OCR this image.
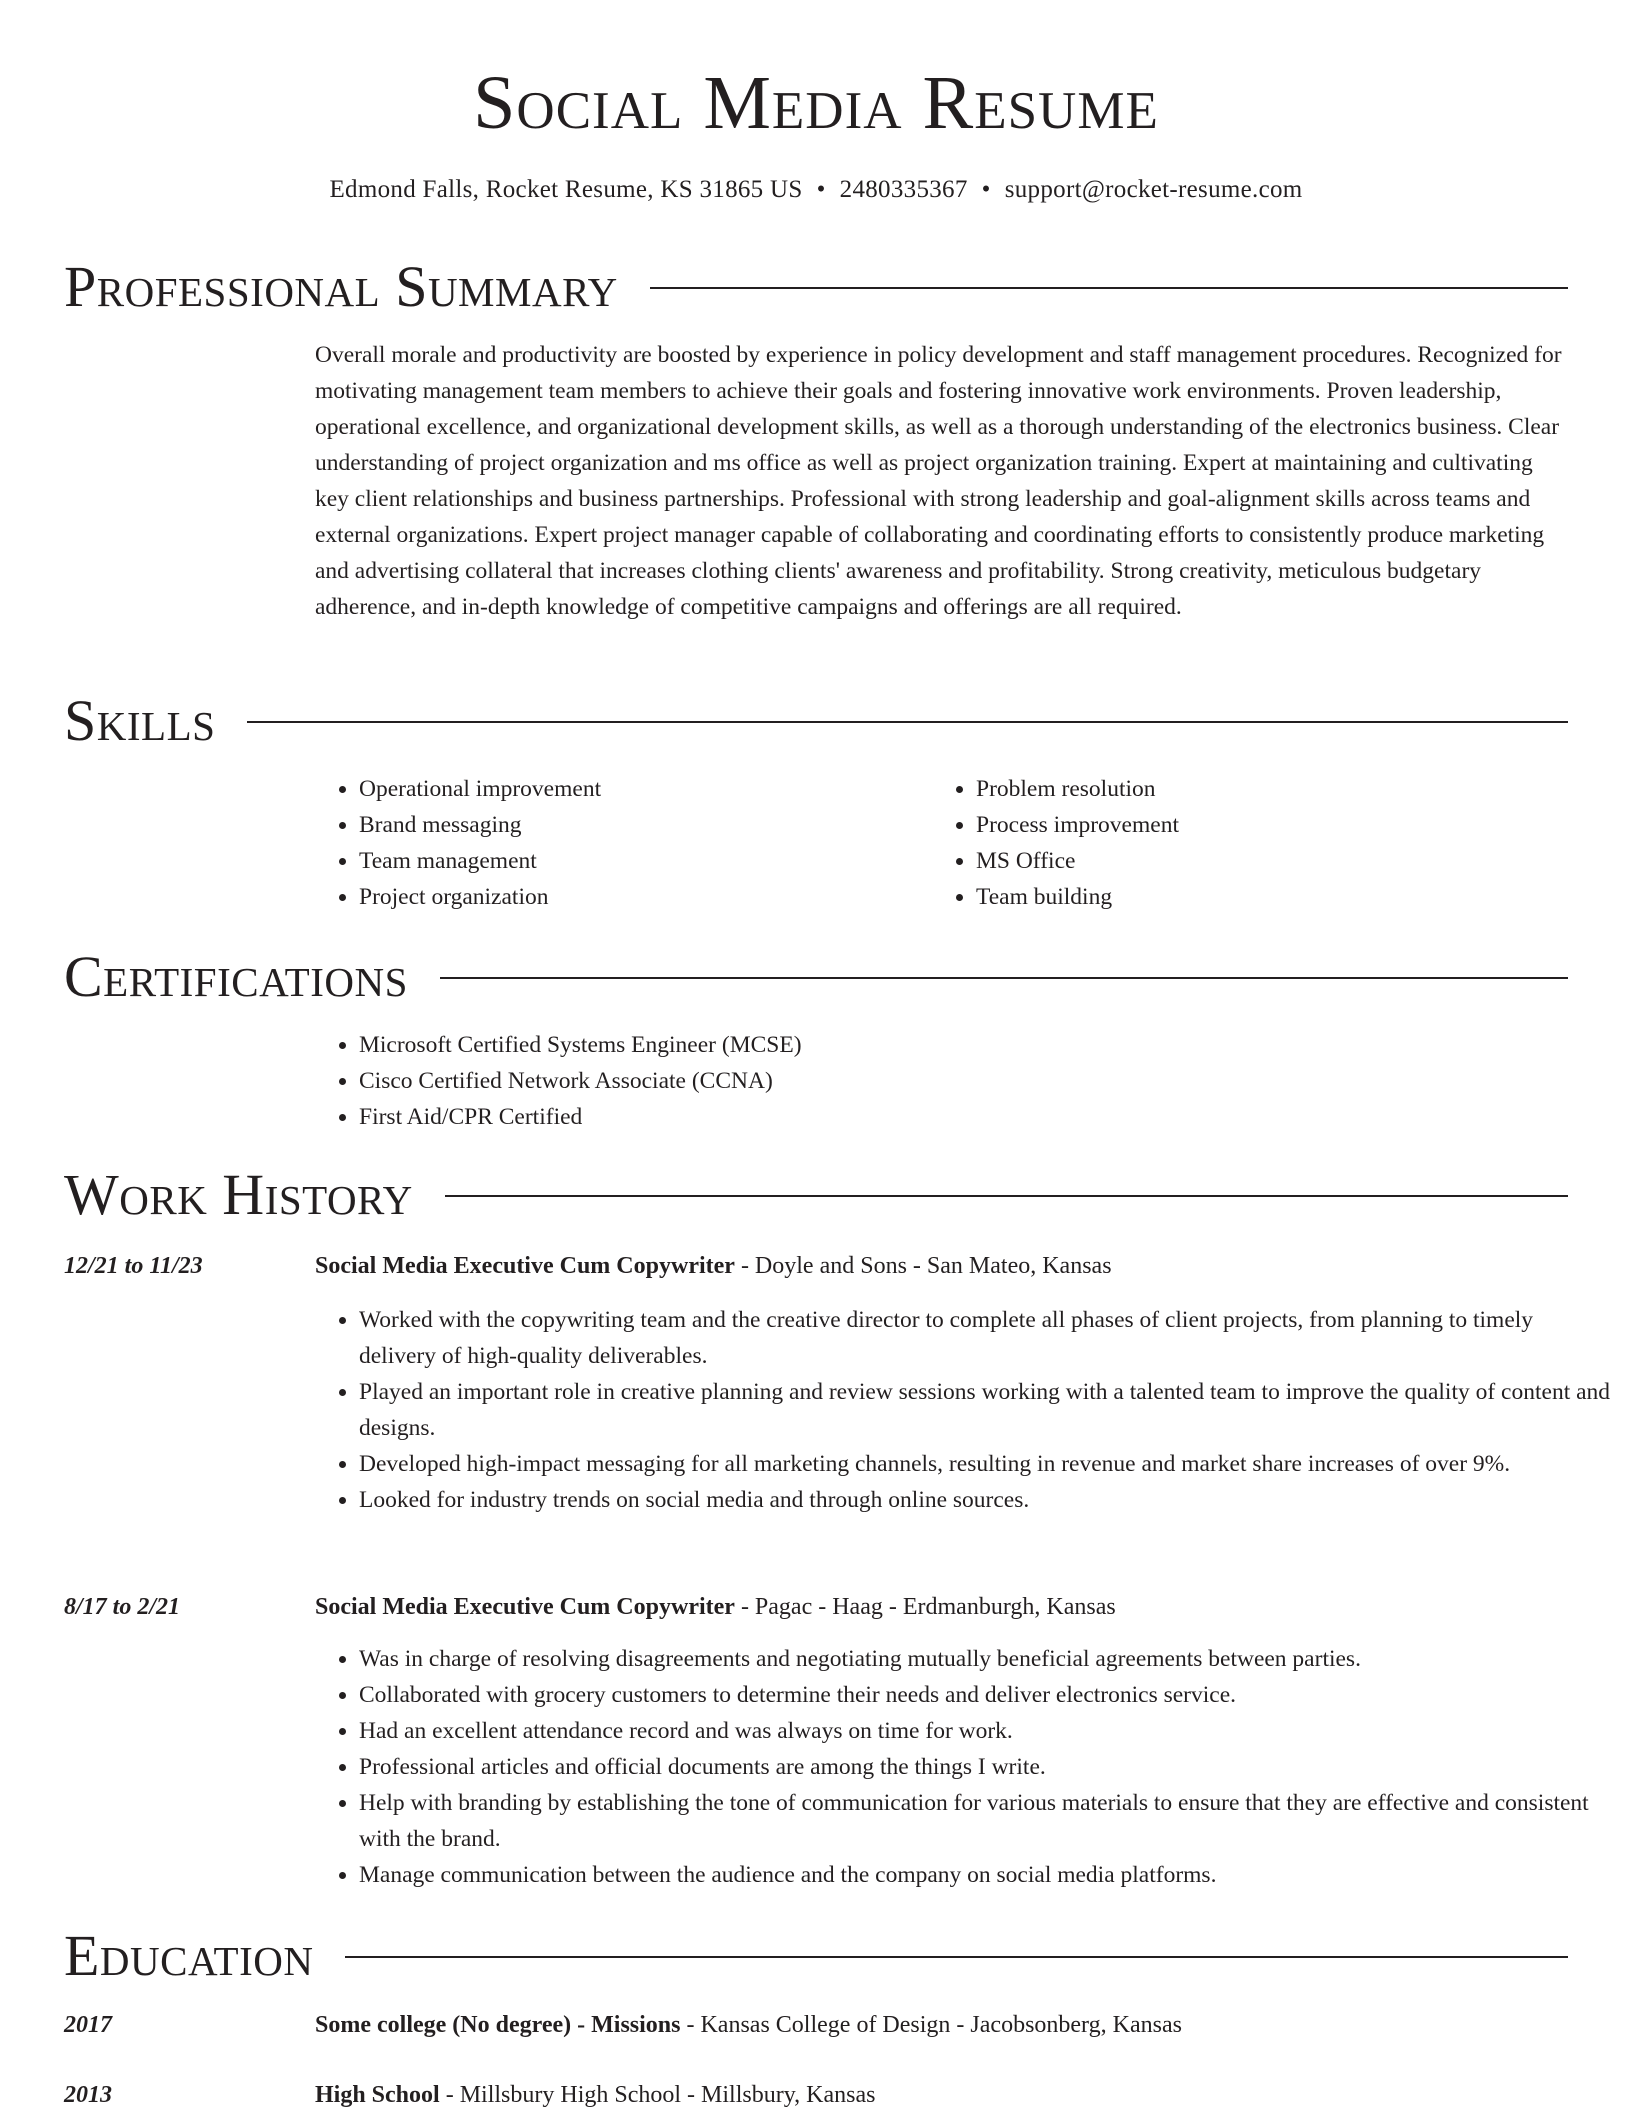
Social Media Resume
Edmond Falls, Rocket Resume, KS 31865 US • 2480335367 • support@rocket-resume.com
Professional Summary

Overall morale and productivity are boosted by experience in policy development and staff management procedures. Recognized for motivating management team members to achieve their goals and fostering innovative work environments. Proven leadership, operational excellence, and organizational development skills, as well as a thorough understanding of the electronics business. Clear understanding of project organization and ms office as well as project organization training. Expert at maintaining and cultivating key client relationships and business partnerships. Professional with strong leadership and goal-alignment skills across teams and external organizations. Expert project manager capable of collaborating and coordinating efforts to consistently produce marketing and advertising collateral that increases clothing clients' awareness and profitability. Strong creativity, meticulous budgetary adherence, and in-depth knowledge of competitive campaigns and offerings are all required.

Skills
• Operational improvement
• Brand messaging
• Team management
• Project organization
• Problem resolution
• Process improvement
• MS Office
• Team building
Certifications
• Microsoft Certified Systems Engineer (MCSE)
• Cisco Certified Network Associate (CCNA)
• First Aid/CPR Certified
Work History
12/21 to 11/23	Social Media Executive Cum Copywriter - Doyle and Sons - San Mateo, Kansas
• Worked with the copywriting team and the creative director to complete all phases of client projects, from planning to timely delivery of high-quality deliverables.
• Played an important role in creative planning and review sessions working with a talented team to improve the quality of content and designs.
• Developed high-impact messaging for all marketing channels, resulting in revenue and market share increases of over 9%.
• Looked for industry trends on social media and through online sources.
8/17 to 2/21	Social Media Executive Cum Copywriter - Pagac - Haag - Erdmanburgh, Kansas
• Was in charge of resolving disagreements and negotiating mutually beneficial agreements between parties.
• Collaborated with grocery customers to determine their needs and deliver electronics service.
• Had an excellent attendance record and was always on time for work.
• Professional articles and official documents are among the things I write.
• Help with branding by establishing the tone of communication for various materials to ensure that they are effective and consistent with the brand.
• Manage communication between the audience and the company on social media platforms.
Education
2017	Some college (No degree) - Missions - Kansas College of Design - Jacobsonberg, Kansas
2013	High School - Millsbury High School - Millsbury, Kansas
